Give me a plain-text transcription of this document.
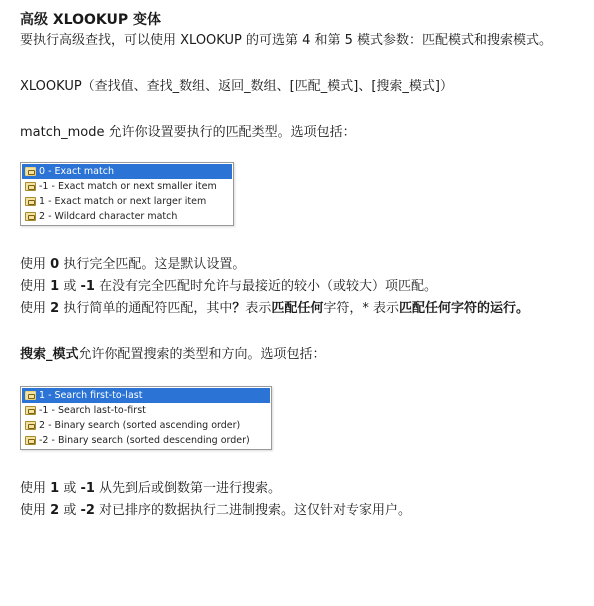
高级 XLOOKUP 变体

要执行高级查找，可以使用 XLOOKUP 的可选第 4 和第 5 模式参数：匹配模式和搜索模式。

XLOOKUP（查找值、查找_数组、返回_数组、[匹配_模式]、[搜索_模式]）

match_mode 允许你设置要执行的匹配类型。选项包括：

0 - Exact match
-1 - Exact match or next smaller item
1 - Exact match or next larger item
2 - Wildcard character match

使用 0 执行完全匹配。这是默认设置。

使用 1 或 -1 在没有完全匹配时允许与最接近的较小（或较大）项匹配。

使用 2 执行简单的通配符匹配，其中？表示匹配任何字符，* 表示匹配任何字符的运行。

搜索_模式允许你配置搜索的类型和方向。选项包括：

1 - Search first-to-last
-1 - Search last-to-first
2 - Binary search (sorted ascending order)
-2 - Binary search (sorted descending order)

使用 1 或 -1 从先到后或倒数第一进行搜索。

使用 2 或 -2 对已排序的数据执行二进制搜索。这仅针对专家用户。
